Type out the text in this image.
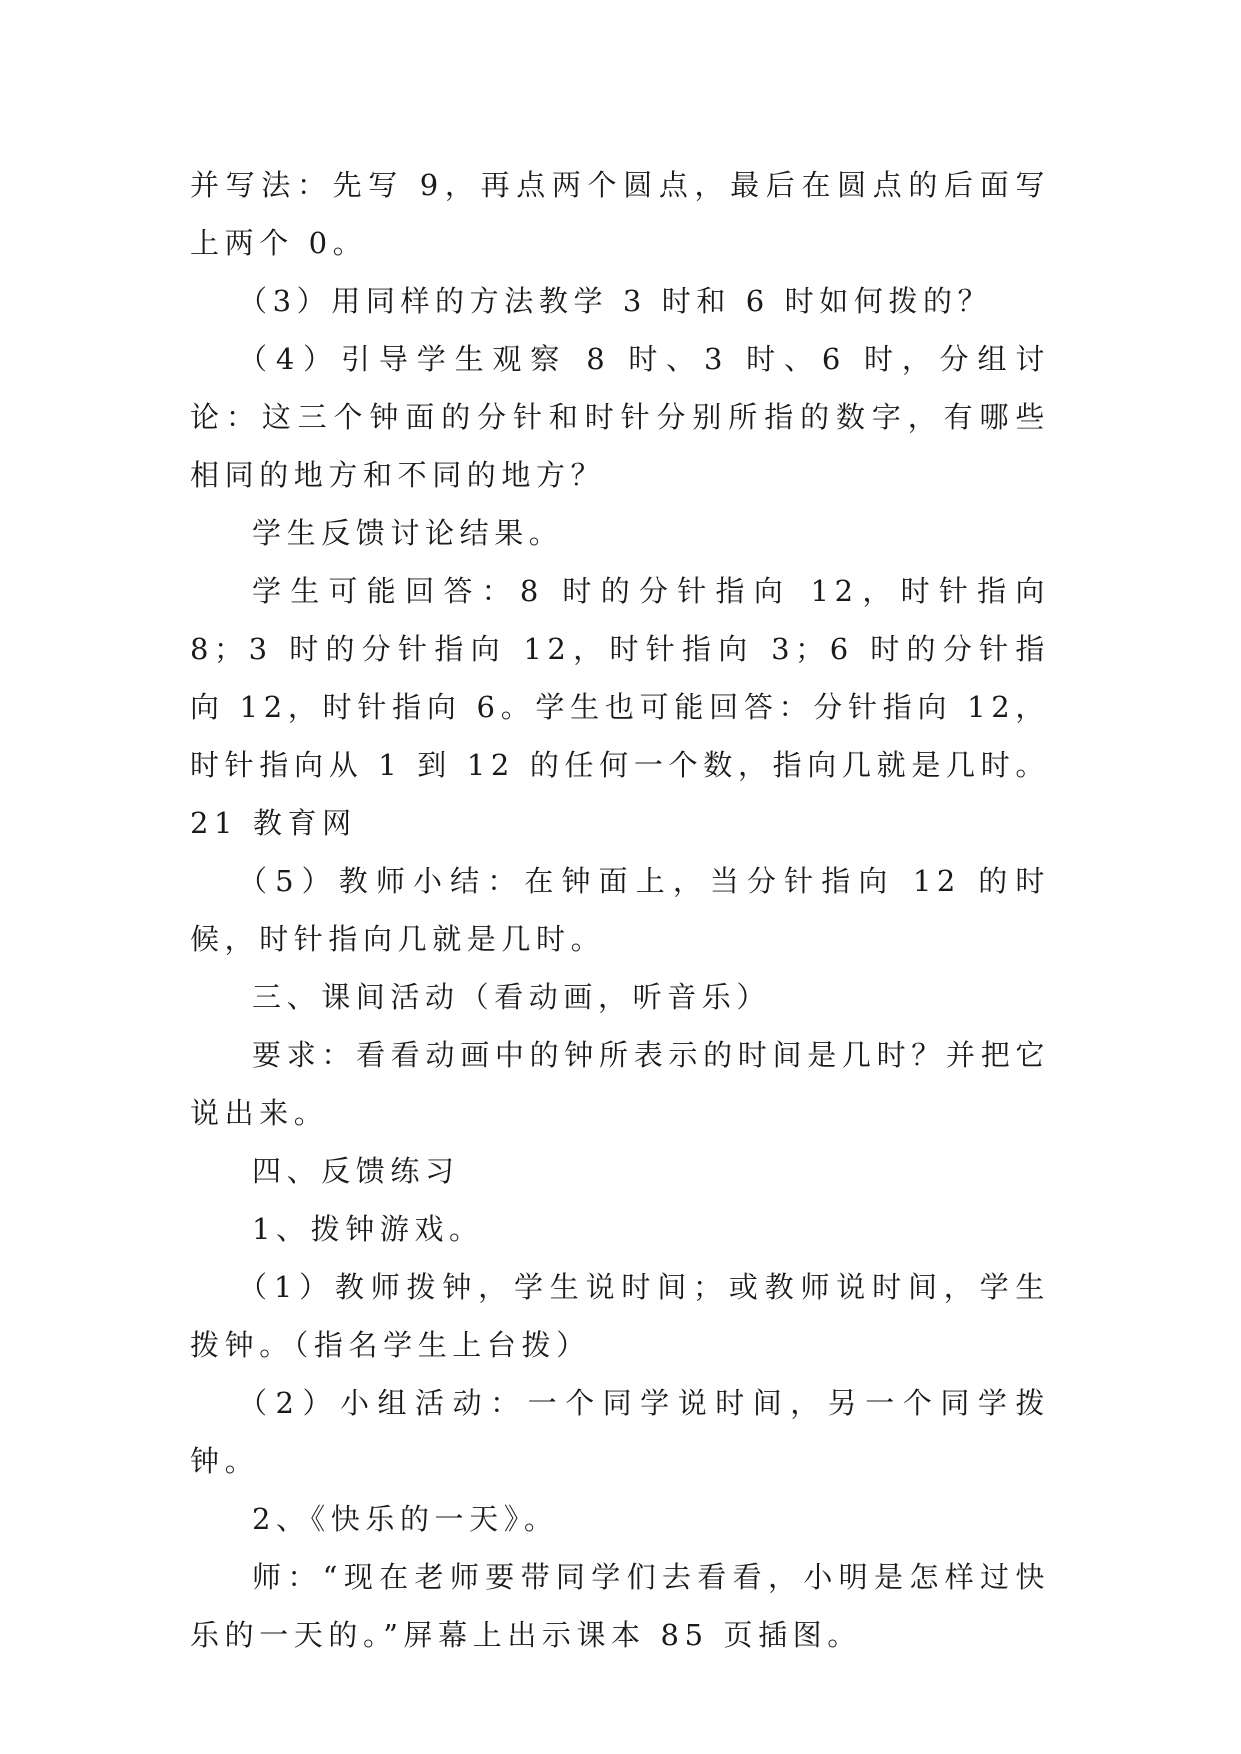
并写法：先写 9，再点两个圆点，最后在圆点的后面写上两个 0。

（3）用同样的方法教学 3 时和 6 时如何拨的？

（4）引导学生观察 8 时、3 时、6 时，分组讨论：这三个钟面的分针和时针分别所指的数字，有哪些相同的地方和不同的地方？

学生反馈讨论结果。

学生可能回答：8 时的分针指向 12，时针指向 8；3 时的分针指向 12，时针指向 3；6 时的分针指向 12，时针指向 6。学生也可能回答：分针指向 12，时针指向从 1 到 12 的任何一个数，指向几就是几时。21 教育网

（5）教师小结：在钟面上，当分针指向 12 的时候，时针指向几就是几时。

三、课间活动（看动画，听音乐）

要求：看看动画中的钟所表示的时间是几时？并把它说出来。

四、反馈练习

1、拨钟游戏。

（1）教师拨钟，学生说时间；或教师说时间，学生拨钟。（指名学生上台拨）

（2）小组活动：一个同学说时间，另一个同学拨钟。

2、《快乐的一天》。

师：“现在老师要带同学们去看看，小明是怎样过快乐的一天的。”屏幕上出示课本 85 页插图。
